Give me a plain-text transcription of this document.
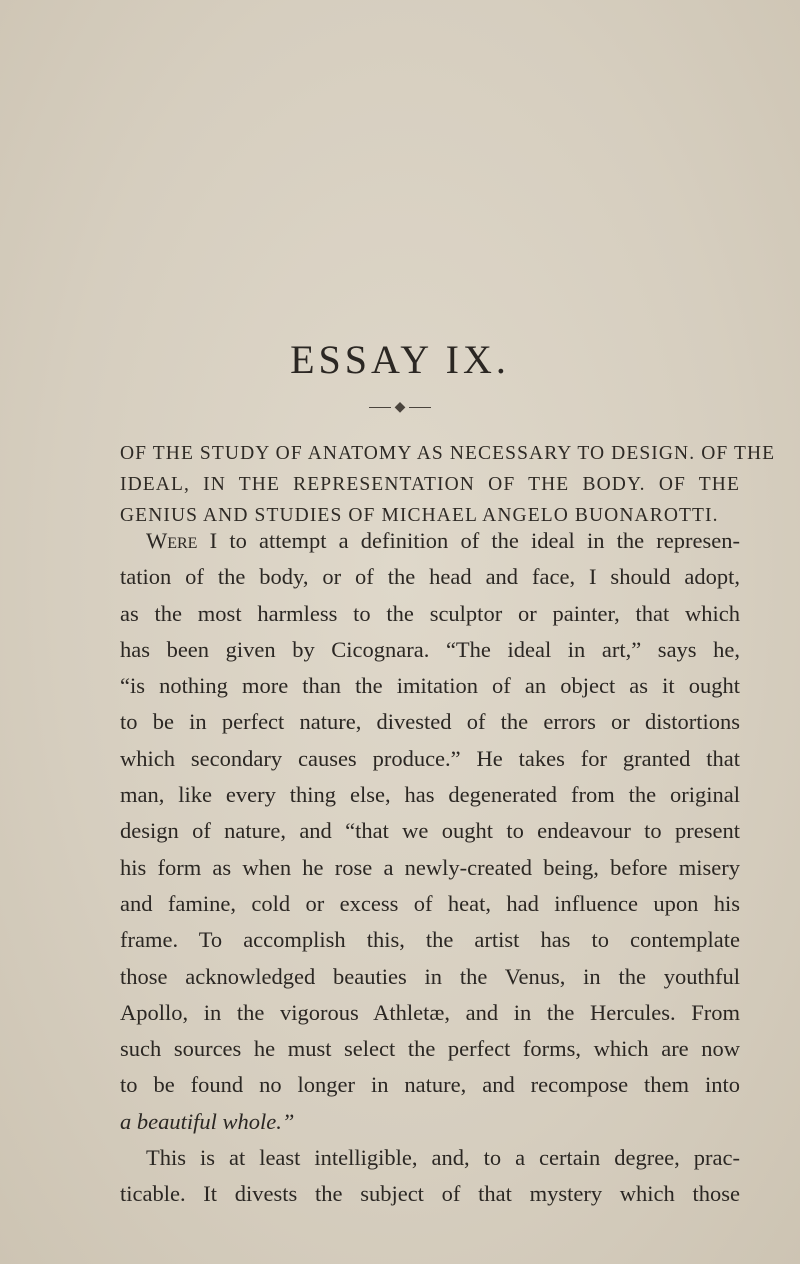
ESSAY IX.
◆
OF THE STUDY OF ANATOMY AS NECESSARY TO DESIGN. OF THE
IDEAL, IN THE REPRESENTATION OF THE BODY. OF THE
GENIUS AND STUDIES OF MICHAEL ANGELO BUONAROTTI.
Were I to attempt a definition of the ideal in the represen-
tation of the body, or of the head and face, I should adopt,
as the most harmless to the sculptor or painter, that which
has been given by Cicognara. “The ideal in art,” says he,
“is nothing more than the imitation of an object as it ought
to be in perfect nature, divested of the errors or distortions
which secondary causes produce.” He takes for granted that
man, like every thing else, has degenerated from the original
design of nature, and “that we ought to endeavour to present
his form as when he rose a newly-created being, before misery
and famine, cold or excess of heat, had influence upon his
frame. To accomplish this, the artist has to contemplate
those acknowledged beauties in the Venus, in the youthful
Apollo, in the vigorous Athletæ, and in the Hercules. From
such sources he must select the perfect forms, which are now
to be found no longer in nature, and recompose them into
a beautiful whole.”
This is at least intelligible, and, to a certain degree, prac-
ticable. It divests the subject of that mystery which those
